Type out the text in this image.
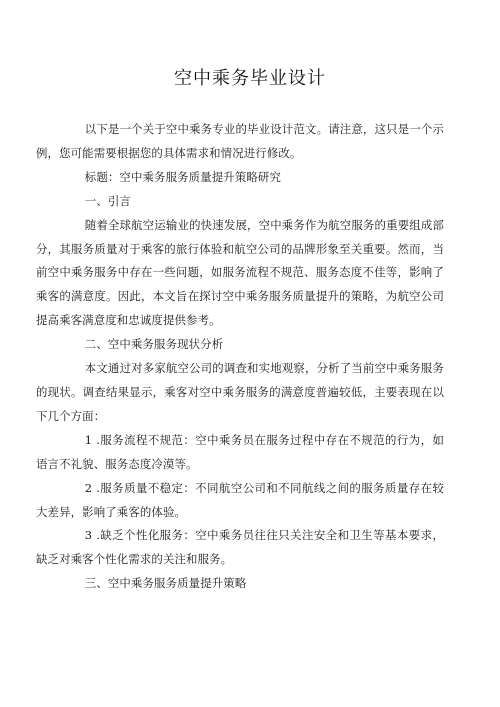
空中乘务毕业设计

以下是一个关于空中乘务专业的毕业设计范文。请注意，这只是一个示例，您可能需要根据您的具体需求和情况进行修改。

标题：空中乘务服务质量提升策略研究

一、引言

随着全球航空运输业的快速发展，空中乘务作为航空服务的重要组成部分，其服务质量对于乘客的旅行体验和航空公司的品牌形象至关重要。然而，当前空中乘务服务中存在一些问题，如服务流程不规范、服务态度不佳等，影响了乘客的满意度。因此，本文旨在探讨空中乘务服务质量提升的策略，为航空公司提高乘客满意度和忠诚度提供参考。

二、空中乘务服务现状分析

本文通过对多家航空公司的调查和实地观察，分析了当前空中乘务服务的现状。调查结果显示，乘客对空中乘务服务的满意度普遍较低，主要表现在以下几个方面：

1 .服务流程不规范：空中乘务员在服务过程中存在不规范的行为，如语言不礼貌、服务态度冷漠等。

2 .服务质量不稳定：不同航空公司和不同航线之间的服务质量存在较大差异，影响了乘客的体验。

3 .缺乏个性化服务：空中乘务员往往只关注安全和卫生等基本要求，缺乏对乘客个性化需求的关注和服务。

三、空中乘务服务质量提升策略
